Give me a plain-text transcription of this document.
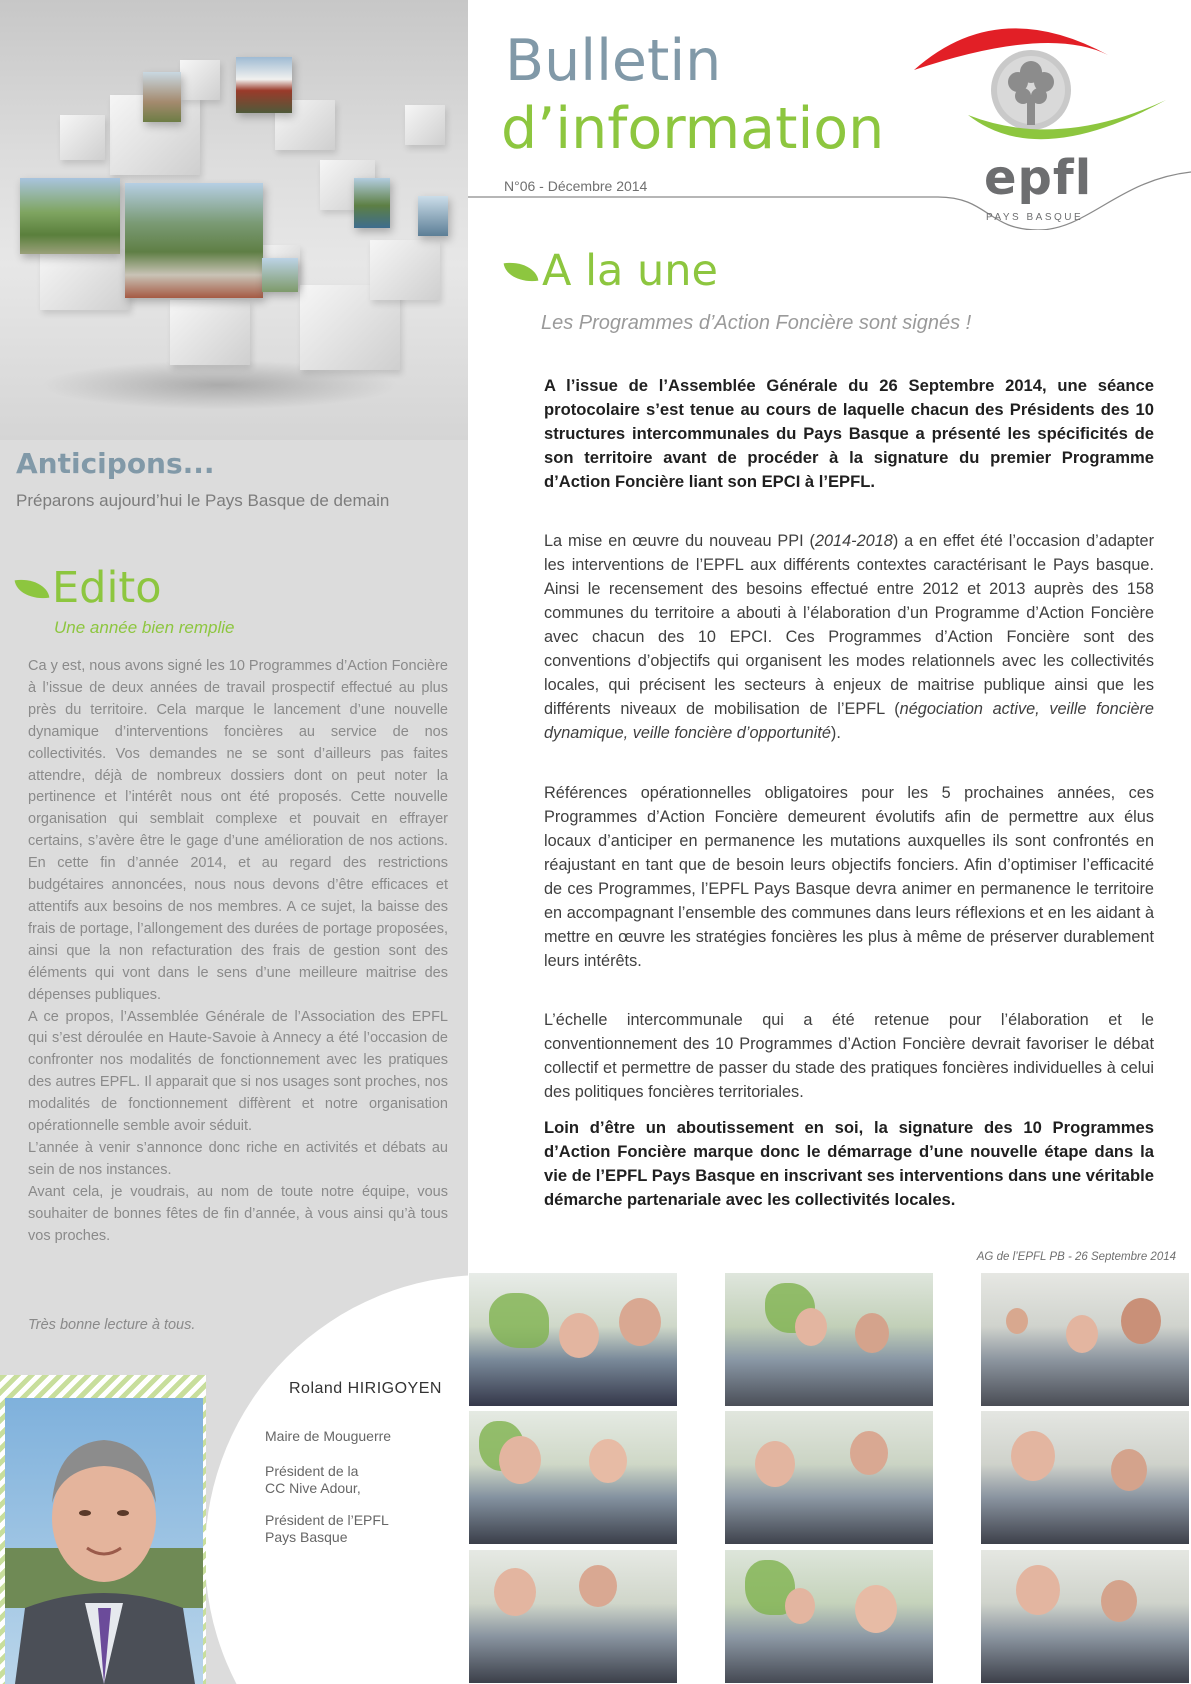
Anticipons...
Préparons aujourd’hui le Pays Basque de demain
Edito
Une année bien remplie
Ca y est, nous avons signé les 10 Programmes d’Action Foncière à l’issue de deux années de travail prospectif effectué au plus près du territoire. Cela marque le lancement d’une nouvelle dynamique d’interventions foncières au service de nos collectivités. Vos demandes ne se sont d’ailleurs pas faites attendre, déjà de nombreux dossiers dont on peut noter la pertinence et l’intérêt nous ont été proposés. Cette nouvelle organisation qui semblait complexe et pouvait en effrayer certains, s’avère être le gage d’une amélioration de nos actions. En cette fin d’année 2014, et au regard des restrictions budgétaires annoncées, nous nous devons d’être efficaces et attentifs aux besoins de nos membres. A ce sujet, la baisse des frais de portage, l’allongement des durées de portage proposées, ainsi que la non refacturation des frais de gestion sont des éléments qui vont dans le sens d’une meilleure maitrise des dépenses publiques.
A ce propos, l’Assemblée Générale de l’Association des EPFL qui s’est déroulée en Haute-Savoie à Annecy a été l’occasion de confronter nos modalités de fonctionnement avec les pratiques des autres EPFL. Il apparait que si nos usages sont proches, nos modalités de fonctionnement diffèrent et notre organisation opérationnelle semble avoir séduit.
L’année à venir s’annonce donc riche en activités et débats au sein de nos instances.
Avant cela, je voudrais, au nom de toute notre équipe, vous souhaiter de bonnes fêtes de fin d’année, à vous ainsi qu’à tous vos proches.
Très bonne lecture à tous.
Roland HIRIGOYEN
Maire de Mouguerre
Président de la
CC Nive Adour,
Président de l’EPFL
Pays Basque
Bulletin
d’information
N°06 - Décembre 2014	epfl
PAYS BASQUE
A la une
Les Programmes d’Action Foncière sont signés !
A l’issue de l’Assemblée Générale du 26 Septembre 2014, une séance protocolaire s’est tenue au cours de laquelle chacun des Présidents des 10 structures intercommunales du Pays Basque a présenté les spécificités de son territoire avant de procéder à la signature du premier Programme d’Action Foncière liant son EPCI à l’EPFL.
La mise en œuvre du nouveau PPI (2014-2018) a en effet été l’occasion d’adapter les interventions de l’EPFL aux différents contextes caractérisant le Pays basque. Ainsi le recensement des besoins effectué entre 2012 et 2013 auprès des 158 communes du territoire a abouti à l’élaboration d’un Programme d’Action Foncière avec chacun des 10 EPCI. Ces Programmes d’Action Foncière sont des conventions d’objectifs qui organisent les modes relationnels avec les collectivités locales, qui précisent les secteurs à enjeux de maitrise publique ainsi que les différents niveaux de mobilisation de l’EPFL (négociation active, veille foncière dynamique, veille foncière d’opportunité).
Références opérationnelles obligatoires pour les 5 prochaines années, ces Programmes d’Action Foncière demeurent évolutifs afin de permettre aux élus locaux d’anticiper en permanence les mutations auxquelles ils sont confrontés en réajustant en tant que de besoin leurs objectifs fonciers. Afin d’optimiser l’efficacité de ces Programmes, l’EPFL Pays Basque devra animer en permanence le territoire en accompagnant l’ensemble des communes dans leurs réflexions et en les aidant à mettre en œuvre les stratégies foncières les plus à même de préserver durablement leurs intérêts.
L’échelle intercommunale qui a été retenue pour l’élaboration et le conventionnement des 10 Programmes d’Action Foncière devrait favoriser le débat collectif et permettre de passer du stade des pratiques foncières individuelles à celui des politiques foncières territoriales.
Loin d’être un aboutissement en soi, la signature des 10 Programmes d’Action Foncière marque donc le démarrage d’une nouvelle étape dans la vie de l’EPFL Pays Basque en inscrivant ses interventions dans une véritable démarche partenariale avec les collectivités locales.
AG de l’EPFL PB - 26 Septembre 2014
